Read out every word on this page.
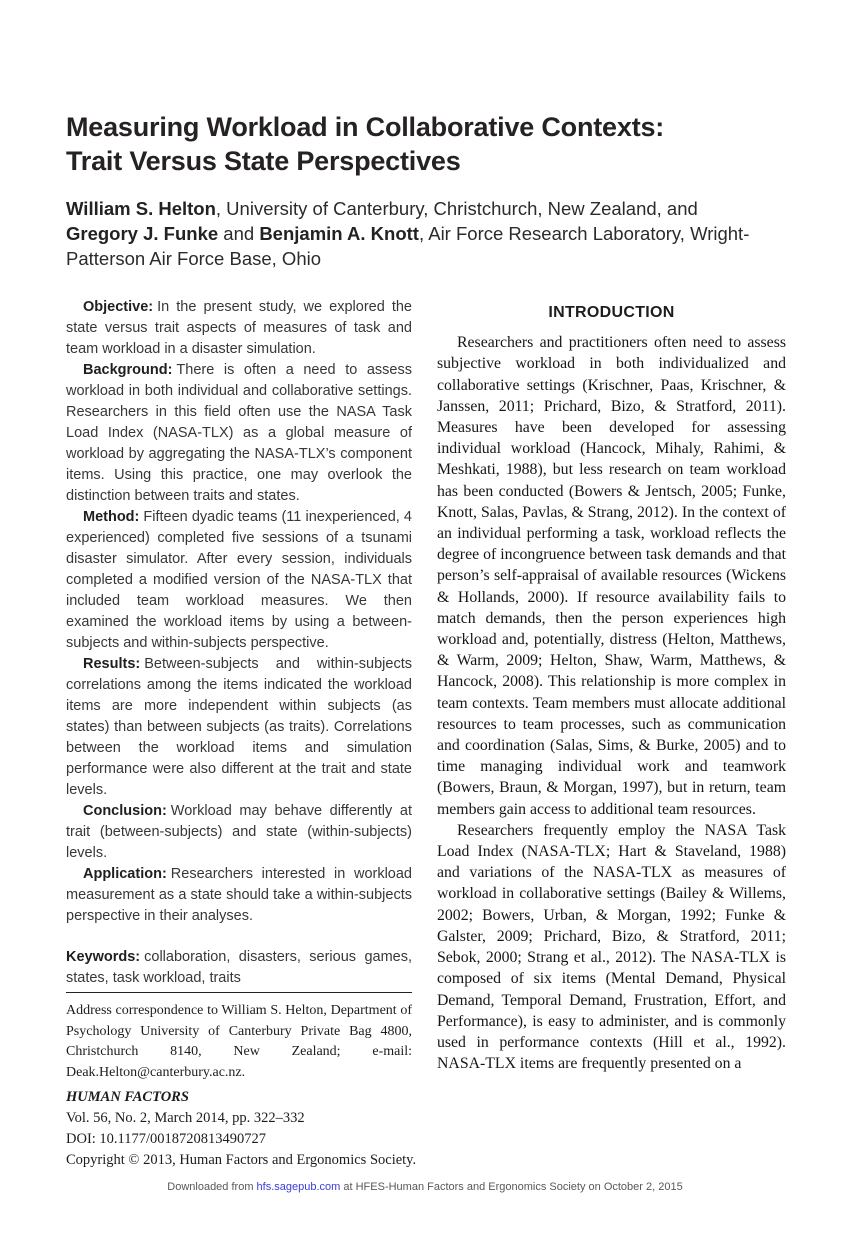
Measuring Workload in Collaborative Contexts:
Trait Versus State Perspectives
William S. Helton, University of Canterbury, Christchurch, New Zealand, and Gregory J. Funke and Benjamin A. Knott, Air Force Research Laboratory, Wright-Patterson Air Force Base, Ohio

Objective: In the present study, we explored the state versus trait aspects of measures of task and team workload in a disaster simulation.

Background: There is often a need to assess workload in both individual and collaborative settings. Researchers in this field often use the NASA Task Load Index (NASA-TLX) as a global measure of workload by aggregating the NASA-TLX’s component items. Using this practice, one may overlook the distinction between traits and states.

Method: Fifteen dyadic teams (11 inexperienced, 4 experienced) completed five sessions of a tsunami disaster simulator. After every session, individuals completed a modified version of the NASA-TLX that included team workload measures. We then examined the workload items by using a between-subjects and within-subjects perspective.

Results: Between-subjects and within-subjects correlations among the items indicated the workload items are more independent within subjects (as states) than between subjects (as traits). Correlations between the workload items and simulation performance were also different at the trait and state levels.

Conclusion: Workload may behave differently at trait (between-subjects) and state (within-subjects) levels.

Application: Researchers interested in workload measurement as a state should take a within-subjects perspective in their analyses.

Keywords: collaboration, disasters, serious games, states, task workload, traits

INTRODUCTION

Researchers and practitioners often need to assess subjective workload in both individualized and collaborative settings (Krischner, Paas, Krischner, & Janssen, 2011; Prichard, Bizo, & Stratford, 2011). Measures have been developed for assessing individual workload (Hancock, Mihaly, Rahimi, & Meshkati, 1988), but less research on team workload has been conducted (Bowers & Jentsch, 2005; Funke, Knott, Salas, Pavlas, & Strang, 2012). In the context of an individual performing a task, workload reflects the degree of incongruence between task demands and that person’s self-appraisal of available resources (Wickens & Hollands, 2000). If resource availability fails to match demands, then the person experiences high workload and, potentially, distress (Helton, Matthews, & Warm, 2009; Helton, Shaw, Warm, Matthews, & Hancock, 2008). This relationship is more complex in team contexts. Team members must allocate additional resources to team processes, such as communication and coordination (Salas, Sims, & Burke, 2005) and to time managing individual work and teamwork (Bowers, Braun, & Morgan, 1997), but in return, team members gain access to additional team resources.

Researchers frequently employ the NASA Task Load Index (NASA-TLX; Hart & Staveland, 1988) and variations of the NASA-TLX as measures of workload in collaborative settings (Bailey & Willems, 2002; Bowers, Urban, & Morgan, 1992; Funke & Galster, 2009; Prichard, Bizo, & Stratford, 2011; Sebok, 2000; Strang et al., 2012). The NASA-TLX is composed of six items (Mental Demand, Physical Demand, Temporal Demand, Frustration, Effort, and Performance), is easy to administer, and is commonly used in performance contexts (Hill et al., 1992). NASA-TLX items are frequently presented on a

Address correspondence to William S. Helton, Department of Psychology University of Canterbury Private Bag 4800, Christchurch 8140, New Zealand; e-mail: Deak.Helton@canterbury.ac.nz.

HUMAN FACTORS
Vol. 56, No. 2, March 2014, pp. 322–332
DOI: 10.1177/0018720813490727
Copyright © 2013, Human Factors and Ergonomics Society.
Downloaded from hfs.sagepub.com at HFES-Human Factors and Ergonomics Society on October 2, 2015
